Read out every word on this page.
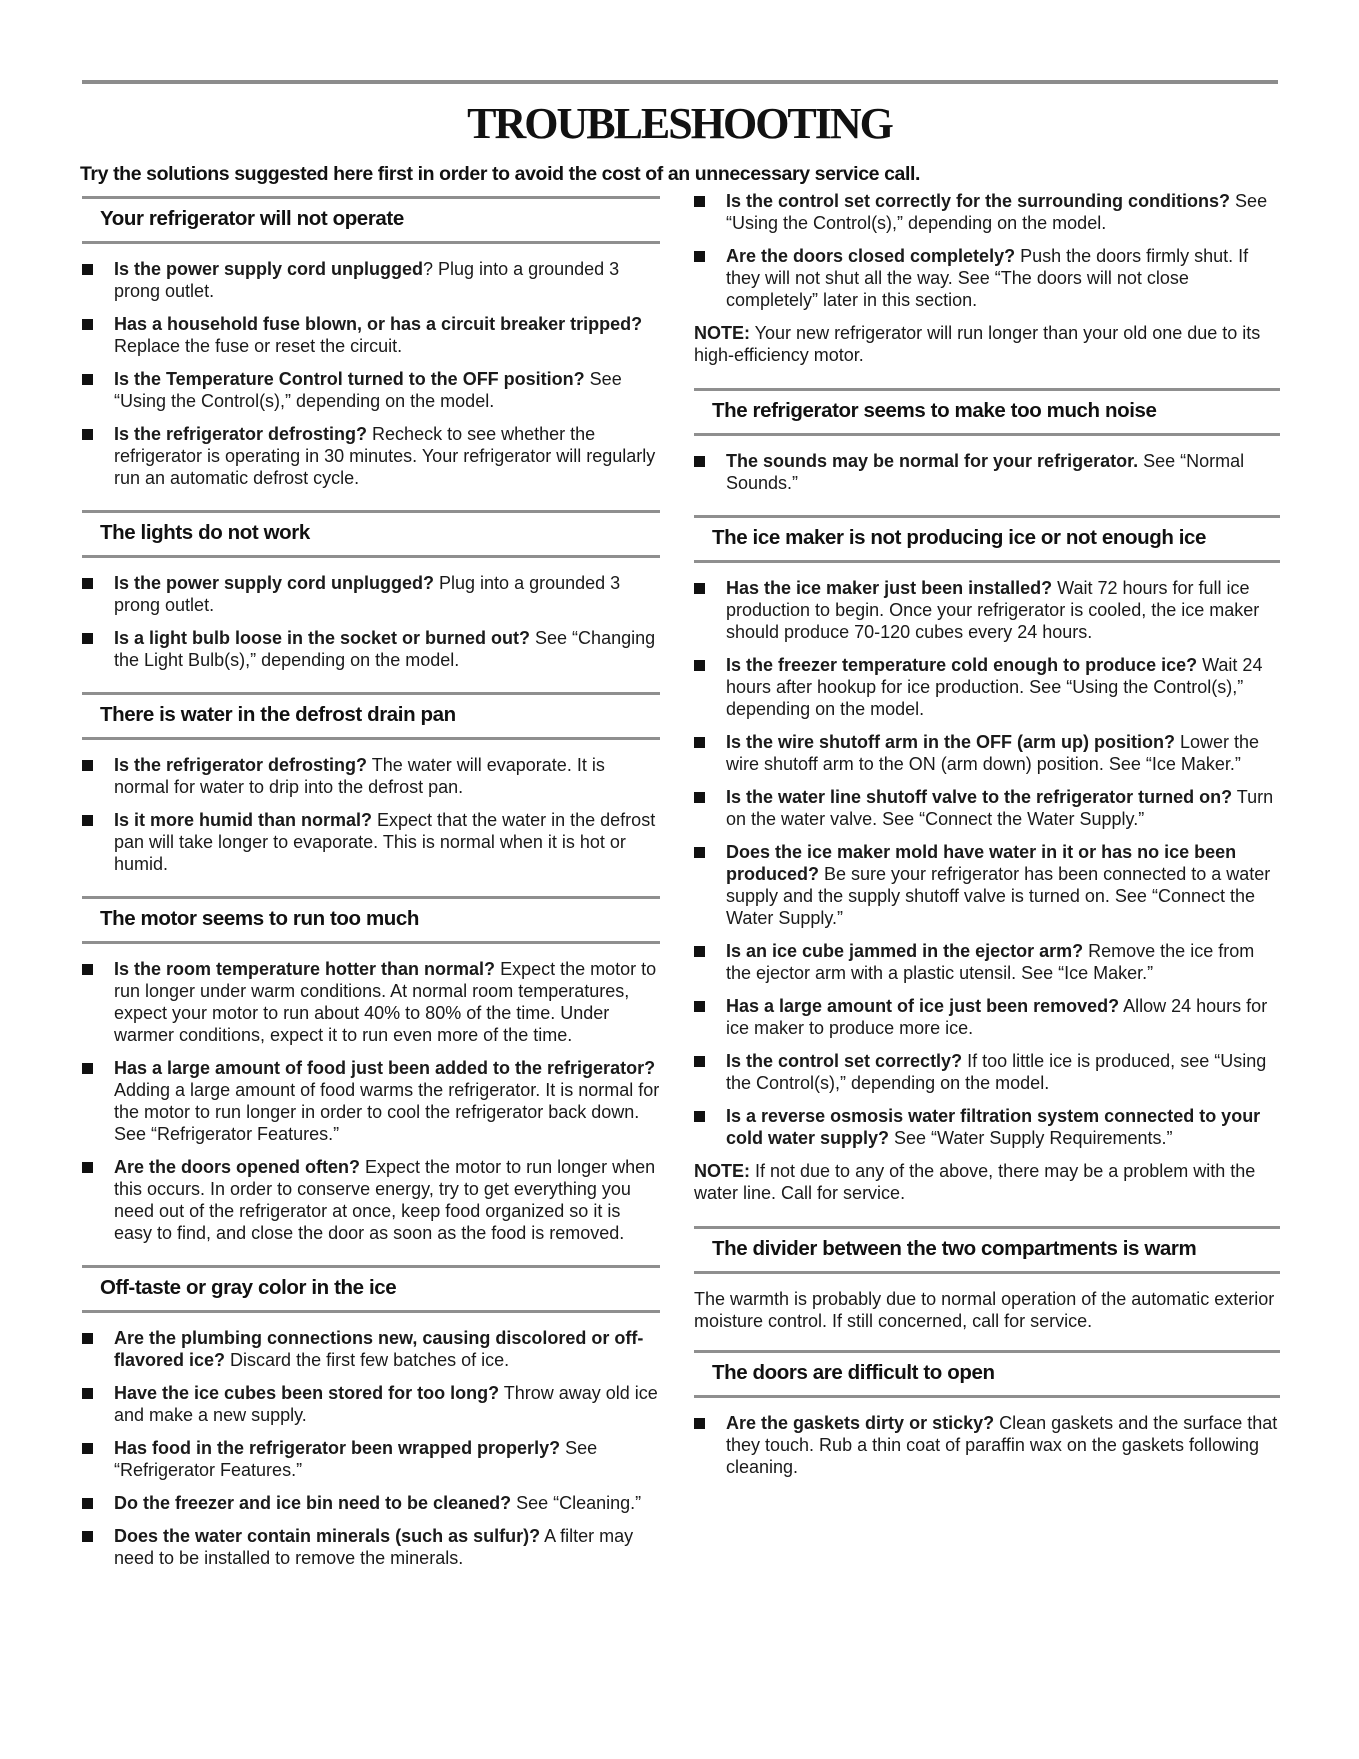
TROUBLESHOOTING
Try the solutions suggested here first in order to avoid the cost of an unnecessary service call.
Your refrigerator will not operate
Is the power supply cord unplugged? Plug into a grounded 3 prong outlet.
Has a household fuse blown, or has a circuit breaker tripped? Replace the fuse or reset the circuit.
Is the Temperature Control turned to the OFF position? See “Using the Control(s),” depending on the model.
Is the refrigerator defrosting? Recheck to see whether the refrigerator is operating in 30 minutes. Your refrigerator will regularly run an automatic defrost cycle.
The lights do not work
Is the power supply cord unplugged? Plug into a grounded 3 prong outlet.
Is a light bulb loose in the socket or burned out? See “Changing the Light Bulb(s),” depending on the model.
There is water in the defrost drain pan
Is the refrigerator defrosting? The water will evaporate. It is normal for water to drip into the defrost pan.
Is it more humid than normal? Expect that the water in the defrost pan will take longer to evaporate. This is normal when it is hot or humid.
The motor seems to run too much
Is the room temperature hotter than normal? Expect the motor to run longer under warm conditions. At normal room temperatures, expect your motor to run about 40% to 80% of the time. Under warmer conditions, expect it to run even more of the time.
Has a large amount of food just been added to the refrigerator? Adding a large amount of food warms the refrigerator. It is normal for the motor to run longer in order to cool the refrigerator back down. See “Refrigerator Features.”
Are the doors opened often? Expect the motor to run longer when this occurs. In order to conserve energy, try to get everything you need out of the refrigerator at once, keep food organized so it is easy to find, and close the door as soon as the food is removed.
Off-taste or gray color in the ice
Are the plumbing connections new, causing discolored or off-flavored ice? Discard the first few batches of ice.
Have the ice cubes been stored for too long? Throw away old ice and make a new supply.
Has food in the refrigerator been wrapped properly? See “Refrigerator Features.”
Do the freezer and ice bin need to be cleaned? See “Cleaning.”
Does the water contain minerals (such as sulfur)? A filter may need to be installed to remove the minerals.
Is the control set correctly for the surrounding conditions? See “Using the Control(s),” depending on the model.
Are the doors closed completely? Push the doors firmly shut. If they will not shut all the way. See “The doors will not close completely” later in this section.
NOTE: Your new refrigerator will run longer than your old one due to its high-efficiency motor.
The refrigerator seems to make too much noise
The sounds may be normal for your refrigerator. See “Normal Sounds.”
The ice maker is not producing ice or not enough ice
Has the ice maker just been installed? Wait 72 hours for full ice production to begin. Once your refrigerator is cooled, the ice maker should produce 70-120 cubes every 24 hours.
Is the freezer temperature cold enough to produce ice? Wait 24 hours after hookup for ice production. See “Using the Control(s),” depending on the model.
Is the wire shutoff arm in the OFF (arm up) position? Lower the wire shutoff arm to the ON (arm down) position. See “Ice Maker.”
Is the water line shutoff valve to the refrigerator turned on? Turn on the water valve. See “Connect the Water Supply.”
Does the ice maker mold have water in it or has no ice been produced? Be sure your refrigerator has been connected to a water supply and the supply shutoff valve is turned on. See “Connect the Water Supply.”
Is an ice cube jammed in the ejector arm? Remove the ice from the ejector arm with a plastic utensil. See “Ice Maker.”
Has a large amount of ice just been removed? Allow 24 hours for ice maker to produce more ice.
Is the control set correctly? If too little ice is produced, see “Using the Control(s),” depending on the model.
Is a reverse osmosis water filtration system connected to your cold water supply? See “Water Supply Requirements.”
NOTE: If not due to any of the above, there may be a problem with the water line. Call for service.
The divider between the two compartments is warm
The warmth is probably due to normal operation of the automatic exterior moisture control. If still concerned, call for service.
The doors are difficult to open
Are the gaskets dirty or sticky? Clean gaskets and the surface that they touch. Rub a thin coat of paraffin wax on the gaskets following cleaning.
